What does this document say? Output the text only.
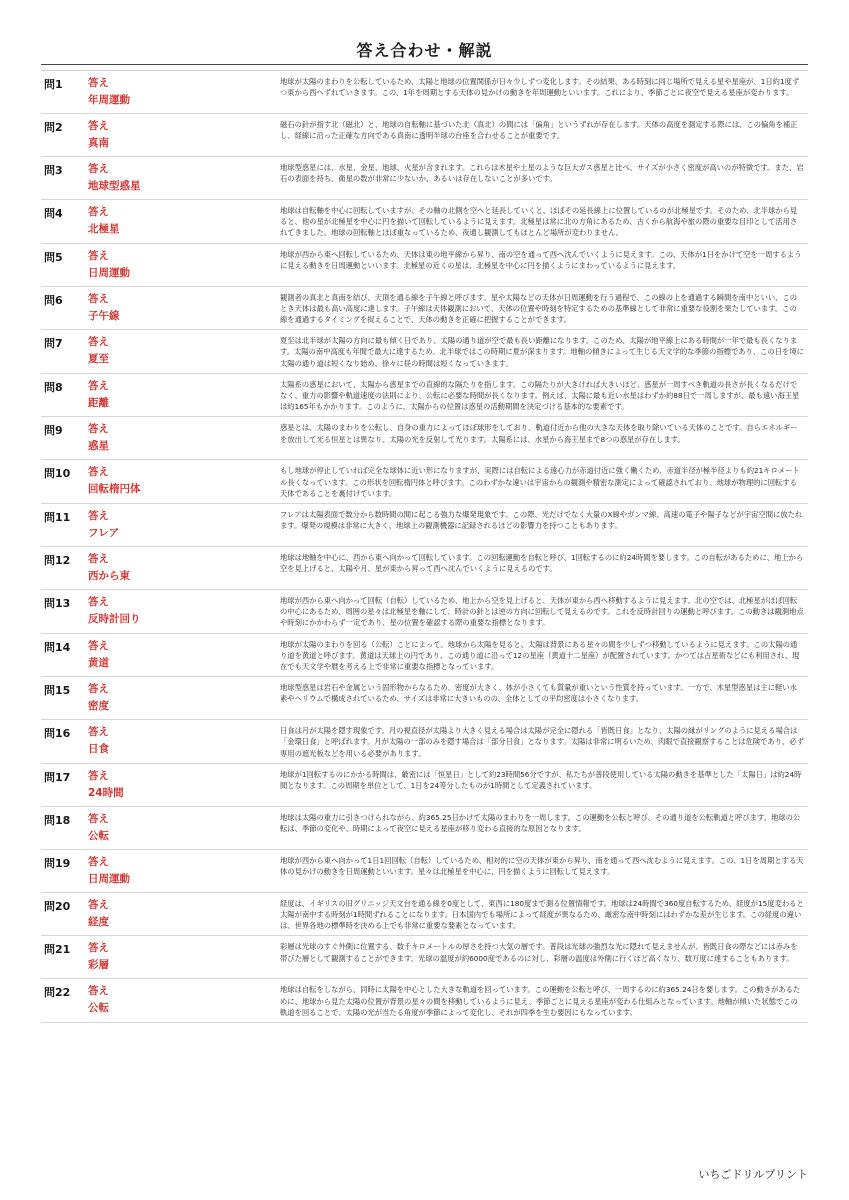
答え合わせ・解説
問1	答え
年周運動
地球が太陽のまわりを公転しているため、太陽と地球の位置関係が日々少しずつ変化します。その結果、ある時刻に同じ場所で見える星や星座が、1日約1度ずつ東から西へずれていきます。この、1年を周期とする天体の見かけの動きを年周運動といいます。これにより、季節ごとに夜空で見える星座が変わります。
問2	答え
真南
磁石の針が指す北（磁北）と、地球の自転軸に基づいた北（真北）の間には「偏角」というずれが存在します。天体の高度を測定する際には、この偏角を補正し、経線に沿った正確な方向である真南に透明半球の台座を合わせることが重要です。
問3	答え
地球型惑星
地球型惑星には、水星、金星、地球、火星が含まれます。これらは木星や土星のような巨大ガス惑星と比べ、サイズが小さく密度が高いのが特徴です。また、岩石の表面を持ち、衛星の数が非常に少ないか、あるいは存在しないことが多いです。
問4	答え
北極星
地球は自転軸を中心に回転していますが、その軸の北側を空へと延長していくと、ほぼその延長線上に位置しているのが北極星です。そのため、北半球から見ると、他の星が北極星を中心に円を描いて回転しているように見えます。北極星は常に北の方角にあるため、古くから航海や旅の際の重要な目印として活用されてきました。地球の回転軸とほぼ重なっているため、夜通し観測してもほとんど場所が変わりません。
問5	答え
日周運動
地球が西から東へ回転しているため、天体は東の地平線から昇り、南の空を通って西へ沈んでいくように見えます。この、天体が1日をかけて空を一周するように見える動きを日周運動といいます。北極星の近くの星は、北極星を中心に円を描くようにまわっているように見えます。
問6	答え
子午線
観測者の真北と真南を結び、天頂を通る線を子午線と呼びます。星や太陽などの天体が日周運動を行う過程で、この線の上を通過する瞬間を南中といい、このとき天体は最も高い高度に達します。子午線は天体観測において、天体の位置や時刻を特定するための基準線として非常に重要な役割を果たしています。この線を通過するタイミングを捉えることで、天体の動きを正確に把握することができます。
問7	答え
夏至
夏至は北半球が太陽の方向に最も傾く日であり、太陽の通り道が空で最も長い距離になります。このため、太陽が地平線上にある時間が一年で最も長くなります。太陽の南中高度も年間で最大に達するため、北半球ではこの時期に夏が深まります。地軸の傾きによって生じる天文学的な季節の指標であり、この日を境に太陽の通り道は短くなり始め、徐々に昼の時間は短くなっていきます。
問8	答え
距離
太陽系の惑星において、太陽から惑星までの直線的な隔たりを指します。この隔たりが大きければ大きいほど、惑星が一周すべき軌道の長さが長くなるだけでなく、重力の影響や軌道速度の法則により、公転に必要な時間が長くなります。例えば、太陽に最も近い水星はわずか約88日で一周しますが、最も遠い海王星は約165年もかかります。このように、太陽からの位置は惑星の活動期間を決定づける基本的な要素です。
問9	答え
惑星
惑星とは、太陽のまわりを公転し、自身の重力によってほぼ球形をしており、軌道付近から他の大きな天体を取り除いている天体のことです。自らエネルギーを放出して光る恒星とは異なり、太陽の光を反射して光ります。太陽系には、水星から海王星まで8つの惑星が存在します。
問10	答え
回転楕円体
もし地球が停止していれば完全な球体に近い形になりますが、実際には自転による遠心力が赤道付近に強く働くため、赤道半径が極半径よりも約21キロメートル長くなっています。この形状を回転楕円体と呼びます。このわずかな違いは宇宙からの観測や精密な測定によって確認されており、地球が物理的に回転する天体であることを裏付けています。
問11	答え
フレア
フレアは太陽表面で数分から数時間の間に起こる強力な爆発現象です。この際、光だけでなく大量のX線やガンマ線、高速の電子や陽子などが宇宙空間に放たれます。爆発の規模は非常に大きく、地球上の観測機器に記録されるほどの影響力を持つこともあります。
問12	答え
西から東
地球は地軸を中心に、西から東へ向かって回転しています。この回転運動を自転と呼び、1回転するのに約24時間を要します。この自転があるために、地上から空を見上げると、太陽や月、星が東から昇って西へ沈んでいくように見えるのです。
問13	答え
反時計回り
地球が西から東へ向かって回転（自転）しているため、地上から空を見上げると、天体が東から西へ移動するように見えます。北の空では、北極星がほぼ回転の中心にあるため、周囲の星々は北極星を軸にして、時計の針とは逆の方向に回転して見えるのです。これを反時計回りの運動と呼びます。この動きは観測地点や時刻にかかわらず一定であり、星の位置を確認する際の重要な指標となります。
問14	答え
黄道
地球が太陽のまわりを回る（公転）ことによって、地球から太陽を見ると、太陽は背景にある星々の間を少しずつ移動しているように見えます。この太陽の通り道を黄道と呼びます。黄道は天球上の円であり、この通り道に沿って12の星座（黄道十二星座）が配置されています。かつては占星術などにも利用され、現在でも天文学や暦を考える上で非常に重要な指標となっています。
問15	答え
密度
地球型惑星は岩石や金属という固形物からなるため、密度が大きく、体が小さくても質量が重いという性質を持っています。一方で、木星型惑星は主に軽い水素やヘリウムで構成されているため、サイズは非常に大きいものの、全体としての平均密度は小さくなります。
問16	答え
日食
日食は月が太陽を隠す現象です。月の視直径が太陽より大きく見える場合は太陽が完全に隠れる「皆既日食」となり、太陽の縁がリングのように見える場合は「金環日食」と呼ばれます。月が太陽の一部のみを隠す場合は「部分日食」となります。太陽は非常に明るいため、肉眼で直接観察することは危険であり、必ず専用の遮光板などを用いる必要があります。
問17	答え
24時間
地球が1回転するのにかかる時間は、厳密には「恒星日」として約23時間56分ですが、私たちが普段使用している太陽の動きを基準とした「太陽日」は約24時間となります。この周期を単位として、1日を24等分したものが1時間として定義されています。
問18	答え
公転
地球は太陽の重力に引きつけられながら、約365.25日かけて太陽のまわりを一周します。この運動を公転と呼び、その通り道を公転軌道と呼びます。地球の公転は、季節の変化や、時期によって夜空に見える星座が移り変わる直接的な原因となります。
問19	答え
日周運動
地球が西から東へ向かって1日1回回転（自転）しているため、相対的に空の天体が東から昇り、南を通って西へ沈むように見えます。この、1日を周期とする天体の見かけの動きを日周運動といいます。星々は北極星を中心に、円を描くように回転して見えます。
問20	答え
経度
経度は、イギリスの旧グリニッジ天文台を通る線を0度として、東西に180度まで測る位置情報です。地球は24時間で360度自転するため、経度が15度変わると太陽が南中する時刻が1時間ずれることになります。日本国内でも場所によって経度が異なるため、厳密な南中時刻にはわずかな差が生じます。この経度の違いは、世界各地の標準時を決める上でも非常に重要な要素となっています。
問21	答え
彩層
彩層は光球のすぐ外側に位置する、数千キロメートルの厚さを持つ大気の層です。普段は光球の強烈な光に隠れて見えませんが、皆既日食の際などには赤みを帯びた層として観測することができます。光球の温度が約6000度であるのに対し、彩層の温度は外側に行くほど高くなり、数万度に達することもあります。
問22	答え
公転
地球は自転をしながら、同時に太陽を中心とした大きな軌道を回っています。この運動を公転と呼び、一周するのに約365.24日を要します。この動きがあるために、地球から見た太陽の位置が背景の星々の間を移動しているように見え、季節ごとに見える星座が変わる仕組みとなっています。地軸が傾いた状態でこの軌道を回ることで、太陽の光が当たる角度が季節によって変化し、それが四季を生む要因にもなっています。
いちごドリルプリント
